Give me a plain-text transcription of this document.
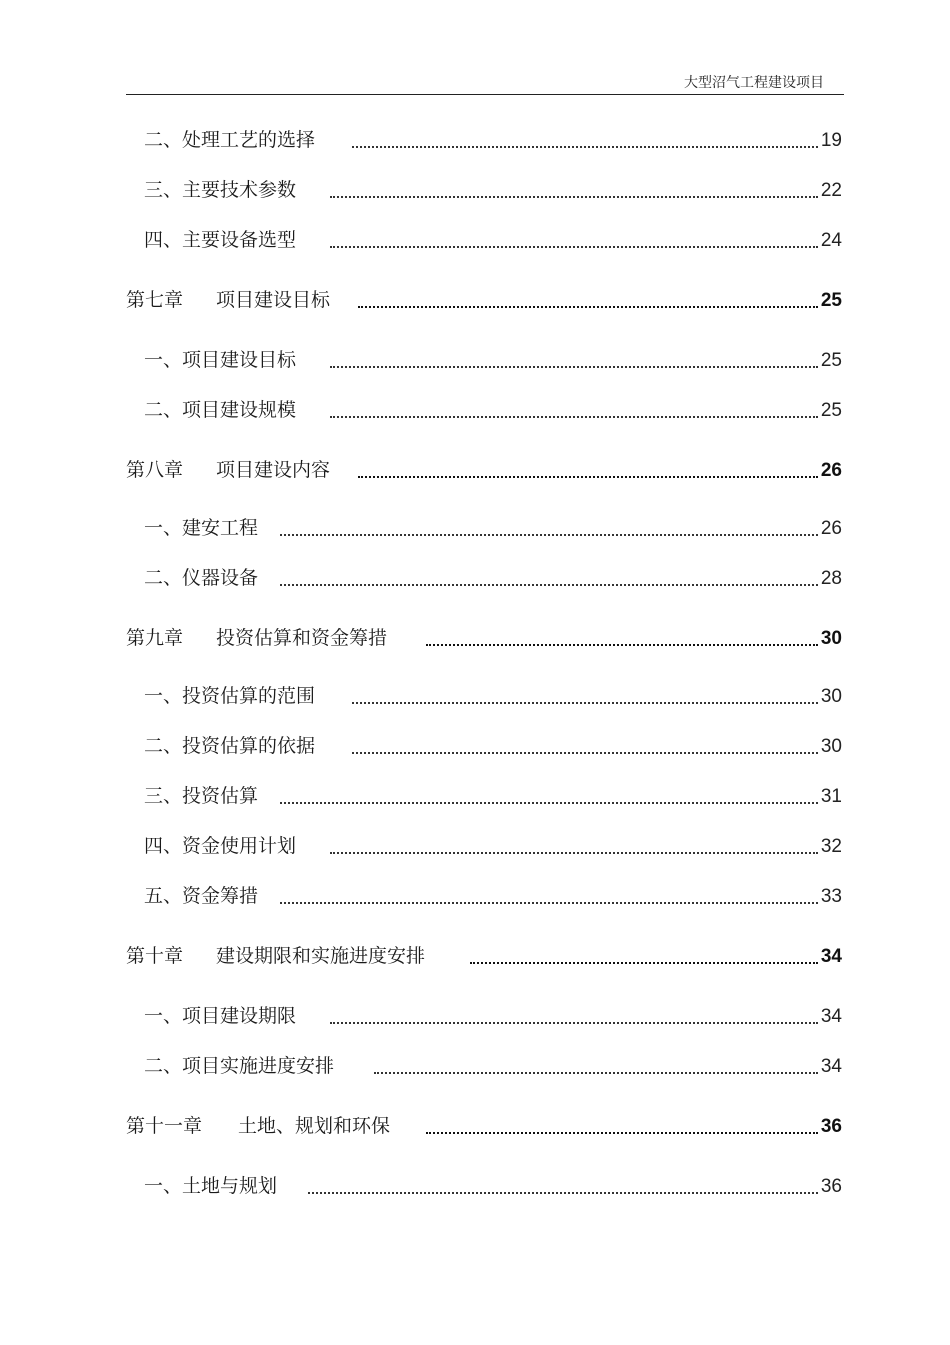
大型沼气工程建设项目
二、处理工艺的选择	19
三、主要技术参数	22
四、主要设备选型	24
第七章 项目建设目标	25
一、项目建设目标	25
二、项目建设规模	25
第八章 项目建设内容	26
一、建安工程	26
二、仪器设备	28
第九章 投资估算和资金筹措	30
一、投资估算的范围	30
二、投资估算的依据	30
三、投资估算	31
四、资金使用计划	32
五、资金筹措	33
第十章 建设期限和实施进度安排	34
一、项目建设期限	34
二、项目实施进度安排	34
第十一章 土地、规划和环保	36
一、土地与规划	36
